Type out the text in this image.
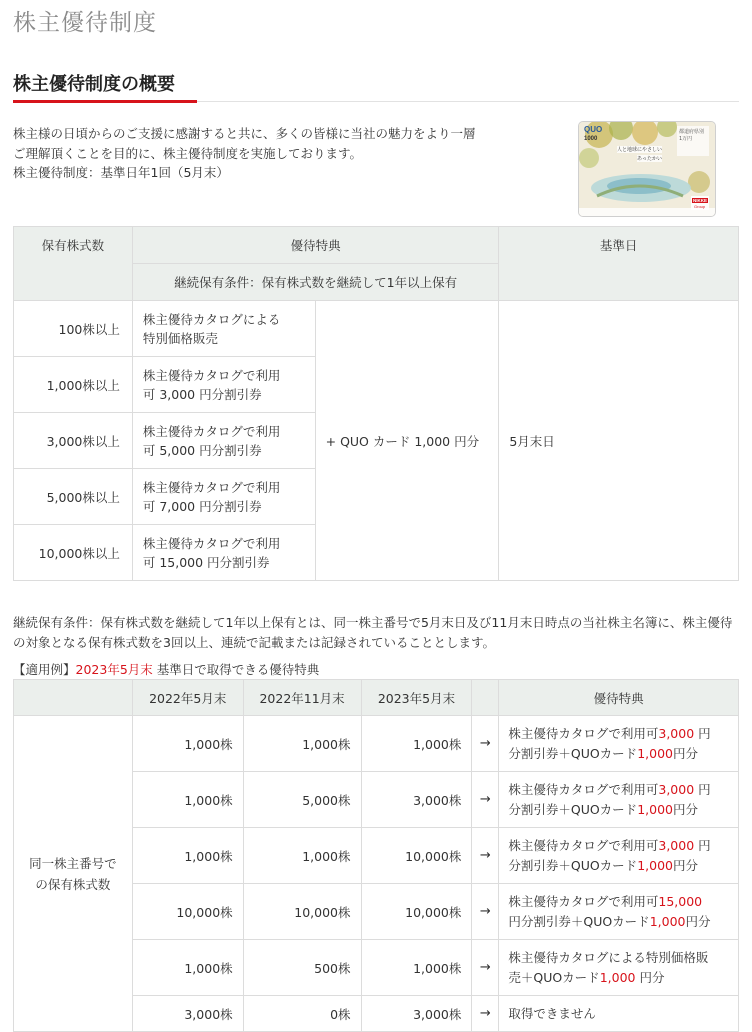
株主優待制度
株主優待制度の概要

株主様の日頃からのご支援に感謝すると共に、多くの皆様に当社の魅力をより一層

ご理解頂くことを目的に、株主優待制度を実施しております。

株主優待制度：基準日年1回（5月末）

QUO
1000
人と地球にやさしい
あったかい
都道府県別1万円
NIKKE
Group
保有株式数	優待特典		基準日
	継続保有条件：保有株式数を継続して1年以上保有		
100株以上	株主優待カタログによる
特別価格販売	+ QUO カード 1,000 円分	5月末日
1,000株以上	株主優待カタログで利用
可 3,000 円分割引券		
3,000株以上	株主優待カタログで利用
可 5,000 円分割引券		
5,000株以上	株主優待カタログで利用
可 7,000 円分割引券		
10,000株以上	株主優待カタログで利用
可 15,000 円分割引券		

継続保有条件：保有株式数を継続して1年以上保有とは、同一株主番号で5月末日及び11月末日時点の当社株主名簿に、株主優待

の対象となる保有株式数を3回以上、連続で記載または記録されていることとします。

【適用例】2023年5月末 基準日で取得できる優待特典
	2022年5月末	2022年11月末	2023年5月末		優待特典
同一株主番号で
の保有株式数	1,000株	1,000株	1,000株	→	株主優待カタログで利用可3,000 円
分割引券＋QUOカード1,000円分
	1,000株	5,000株	3,000株	→	株主優待カタログで利用可3,000 円
分割引券＋QUOカード1,000円分
	1,000株	1,000株	10,000株	→	株主優待カタログで利用可3,000 円
分割引券＋QUOカード1,000円分
	10,000株	10,000株	10,000株	→	株主優待カタログで利用可15,000
円分割引券＋QUOカード1,000円分
	1,000株	500株	1,000株	→	株主優待カタログによる特別価格販
売＋QUOカード1,000 円分
	3,000株	0株	3,000株	→	取得できません
